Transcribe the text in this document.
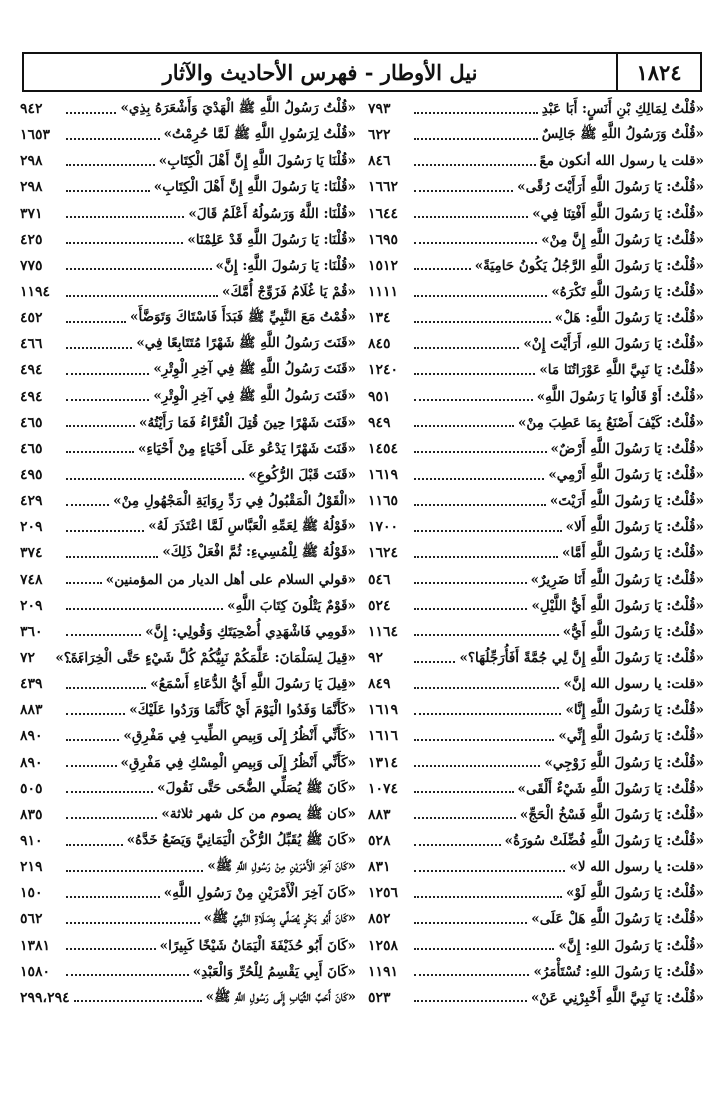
١٨٢٤
نيل الأوطار - فهرس الأحاديث والآثار
٧٩٣	«قُلْتُ لِمَالِكِ بْنِ أَنَسٍ: أَبَا عَبْدِ
٦٢٢	«قُلْتُ وَرَسُولُ اللَّهِ ﷺ جَالِسٌ
٨٤٦	«قلت يا رسول الله أنكون معً
١٦٦٢	«قُلْتُ: يَا رَسُولَ اللَّهِ أَرَأَيْتَ رُقًى»
١٦٤٤	«قُلْتُ: يَا رَسُولَ اللَّهِ أَفْتِنَا فِي»
١٦٩٥	«قُلْتُ: يَا رَسُولَ اللَّهِ إِنَّ مِنْ»
١٥١٢	«قُلْتُ: يَا رَسُولَ اللَّهِ الرَّجُلُ يَكُونُ حَامِيَةً»
١١١١	«قُلْتُ: يَا رَسُولَ اللَّهِ تَكْرَهُ»
١٣٤	«قُلْتُ: يَا رَسُولَ اللَّهِ: هَلْ»
٨٤٥	«قُلْتُ: يَا رَسُولَ اللهِ، أَرَأَيْتَ إِنْ»
١٢٤٠	«قُلْتُ: يَا نَبِيَّ اللَّهِ عَوْرَاتُنَا مَا»
٩٥١	«قُلْتُ: أَوْ قَالُوا يَا رَسُولَ اللَّهِ»
٩٤٩	«قُلْتُ: كَيْفَ أَصْنَعُ بِمَا عَطِبَ مِنْ»
١٤٥٤	«قُلْتُ: يَا رَسُولَ اللَّهِ أَرْضٌ»
١٦١٩	«قُلْتُ: يَا رَسُولَ اللَّهِ أَرْمِي»
١١٦٥	«قُلْتُ: يَا رَسُولَ اللَّهِ أَرَيْتَ»
١٧٠٠	«قُلْتُ: يَا رَسُولَ اللَّهِ أَلا»
١٦٢٤	«قُلْتُ: يَا رَسُولَ اللَّهِ أَمَّا»
٥٤٦	«قُلْتُ: يَا رَسُولَ اللَّهِ أَنَا ضَرِيرٌ»
٥٢٤	«قُلْتُ: يَا رَسُولَ اللَّهِ أَيُّ اللَّيْلِ»
١١٦٤	«قُلْتُ: يَا رَسُولَ اللَّهِ أَيُّ»
٩٢	«قُلْتُ: يَا رَسُولَ اللَّهِ إِنَّ لِي جُمَّةً أَفَأُرَجِّلُهَا؟»
٨٤٩	«قلت: يا رسول الله إنَّ»
١٦١٩	«قُلْتُ: يَا رَسُولَ اللَّهِ إِنَّا»
١٦١٦	«قُلْتُ: يَا رَسُولَ اللَّهِ إِنِّي»
١٣١٤	«قُلْتُ: يَا رَسُولَ اللَّهِ زَوْجِي»
١٠٧٤	«قُلْتُ: يَا رَسُولَ اللَّهِ شَيْءٌ أَلْقَى»
٨٨٣	«قُلْتُ: يَا رَسُولَ اللَّهِ فَسْخُ الْحَجِّ»
٥٢٨	«قُلْتُ: يَا رَسُولَ اللَّهِ فُضِّلَتْ سُورَةُ»
٨٣١	«قلت: يا رسول الله لا»
١٢٥٦	«قُلْتُ: يَا رَسُولَ اللَّهِ لَوْ»
٨٥٢	«قُلْتُ: يَا رَسُولَ اللَّهِ هَلْ عَلَى»
١٢٥٨	«قُلْتُ: يَا رَسُولَ اللهِ: إِنَّ»
١١٩١	«قُلْتُ: يَا رَسُولَ اللهِ: تُسْتَأْمَرُ»
٥٢٣	«قُلْتُ: يَا نَبِيَّ اللَّهِ أَخْبِرْنِي عَنْ»
٩٤٢	«قُلْتُ رَسُولُ اللَّهِ ﷺ الْهَدْيَ وَأَشْعَرَهُ بِذِي»
١٦٥٣	«قُلْتُ لِرَسُولِ اللَّهِ ﷺ لَمَّا حُرِمْتُ»
٢٩٨	«قُلْنَا يَا رَسُولَ اللَّهِ إِنَّ أَهْلَ الْكِتَابِ»
٢٩٨	«قُلْنَا: يَا رَسُولَ اللَّهِ إِنَّ أَهْلَ الْكِتَابِ»
٣٧١	«قُلْنَا: اللَّهُ وَرَسُولُهُ أَعْلَمُ قَالَ»
٤٢٥	«قُلْنَا: يَا رَسُولَ اللَّهِ قَدْ عَلِمْنَا»
٧٧٥	«قُلْنَا: يَا رَسُولَ اللَّهِ: إِنَّ»
١١٩٤	«قُمْ يَا غُلَامُ فَزَوِّجْ أُمَّكَ»
٤٥٢	«قُمْتُ مَعَ النَّبِيِّ ﷺ فَبَدَأَ فَاسْتَاكَ وَتَوَضَّأَ»
٤٦٦	«قَنَتَ رَسُولُ اللَّهِ ﷺ شَهْرًا مُتَتَابِعًا فِي»
٤٩٤	«قَنَتَ رَسُولُ اللَّهِ ﷺ فِي آخِرِ الْوِتْرِ»
٤٩٤	«قَنَتَ رَسُولُ اللَّهِ ﷺ فِي آخِرِ الْوِتْرِ»
٤٦٥	«قَنَتَ شَهْرًا حِينَ قُتِلَ الْقُرَّاءُ فَمَا رَأَيْتُهُ»
٤٦٥	«قَنَتَ شَهْرًا يَدْعُو عَلَى أَحْيَاءٍ مِنْ أَحْيَاءِ»
٤٩٥	«قَنَتَ قَبْلَ الرُّكُوعِ»
٤٢٩	«الْقَوْلُ الْمَقْبُولُ فِي رَدِّ رِوَايَةِ الْمَجْهُولِ مِنْ»
٢٠٩	«قَوْلُهُ ﷺ لِعَمِّهِ الْعَبَّاسِ لَمَّا اعْتَذَرَ لَهُ»
٣٧٤	«قَوْلُهُ ﷺ لِلْمُسِيءِ: ثُمَّ افْعَلْ ذَلِكَ»
٧٤٨	«قولي السلام على أهل الديار من المؤمنين»
٢٠٩	«قَوْمٌ يَتْلُونَ كِتَابَ اللَّهِ»
٣٦٠	«قَومِي فَاشْهَدِي أُضْحِيَتَكِ وَقُولِي: إِنَّ»
٧٢	«قِيلَ لِسَلْمَانَ: عَلَّمَكُمْ نَبِيُّكُمْ كُلَّ شَيْءٍ حَتَّى الْخِرَاءَةَ؟»
٤٣٩	«قِيلَ يَا رَسُولَ اللَّهِ أَيُّ الدُّعَاءِ أَسْمَعُ»
٨٨٣	«كَأَنَّمَا وَفَدُوا الْيَوْمَ أَيْ كَأَنَّمَا وَرَدُوا عَلَيْكَ»
٨٩٠	«كَأَنِّي أَنْظُرُ إِلَى وَبِيصِ الطِّيبِ فِي مَفْرِقِ»
٨٩٠	«كَأَنِّي أَنْظُرُ إِلَى وَبِيصِ الْمِسْكِ فِي مَفْرِقِ»
٥٠٥	«كَانَ ﷺ يُصَلِّي الضُّحَى حَتَّى نَقُولَ»
٨٣٥	«كان ﷺ يصوم من كل شهر ثلاثة»
٩١٠	«كَانَ ﷺ يُقَبِّلُ الرُّكْنَ الْيَمَانِيَّ وَيَضَعُ خَدَّهُ»
٢١٩	«كَانَ آخِرَ الْأَمْرَيْنِ مِنْ رَسُولِ اللَّهِ ﷺ»
١٥٠	«كَانَ آخِرَ الْأَمْرَيْنِ مِنْ رَسُولِ اللَّهِ»
٥٦٢	«كَانَ أَبُو بَكْرٍ يُصَلِّي بِصَلَاةِ النَّبِيِّ ﷺ»
١٣٨١	«كَانَ أَبُو حُذَيْفَةَ الْيَمَانُ شَيْخًا كَبِيرًا»
١٥٨٠	«كَانَ أَبِي يَقْسِمُ لِلْحُرِّ وَالْعَبْدِ»
٢٩٩،٢٩٤	«كَانَ أَحَبَّ الثِّيَابِ إِلَى رَسُولِ اللَّهِ ﷺ»
